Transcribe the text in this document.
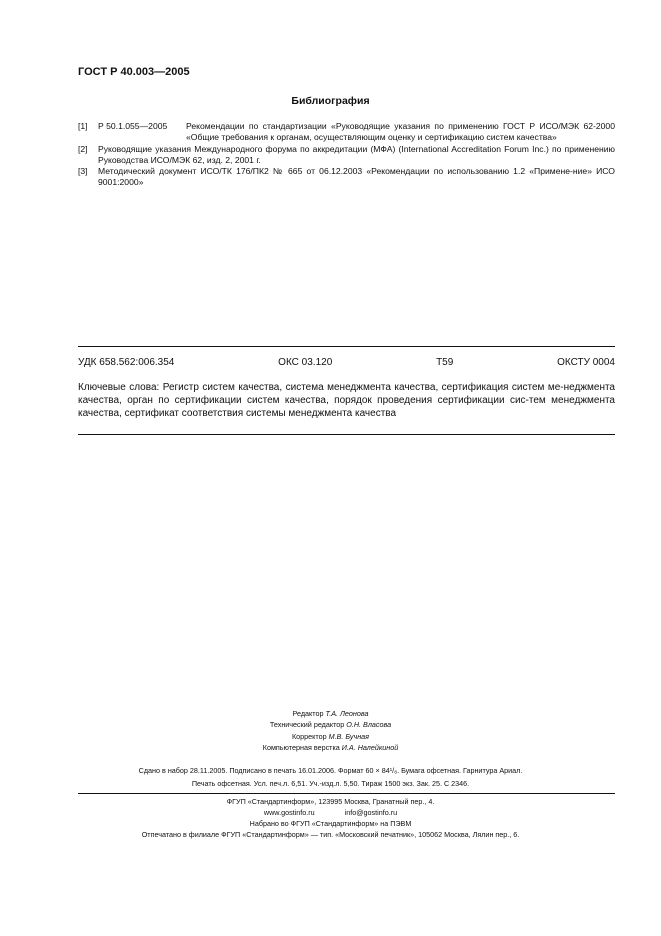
ГОСТ Р 40.003—2005
Библиография
[1] Р 50.1.055—2005	Рекомендации по стандартизации «Руководящие указания по применению ГОСТ Р ИСО/МЭК 62-2000 «Общие требования к органам, осуществляющим оценку и сертификацию систем качества»
[2] Руководящие указания Международного форума по аккредитации (МФА) (International Accreditation Forum Inc.) по применению Руководства ИСО/МЭК 62, изд. 2, 2001 г.
[3] Методический документ ИСО/ТК 176/ПК2 № 665 от 06.12.2003 «Рекомендации по использованию 1.2 «Примене-ние» ИСО 9001:2000»
УДК 658.562:006.354	ОКС 03.120	Т59	ОКСТУ 0004
Ключевые слова: Регистр систем качества, система менеджмента качества, сертификация систем ме-неджмента качества, орган по сертификации систем качества, порядок проведения сертификации сис-тем менеджмента качества, сертификат соответствия системы менеджмента качества
Редактор Т.А. Леонова
Технический редактор О.Н. Власова
Корректор М.В. Бучная
Компьютерная верстка И.А. Налейкиной
Сдано в набор 28.11.2005. Подписано в печать 16.01.2006. Формат 60 × 84¹/₈. Бумага офсетная. Гарнитура Ариал.
Печать офсетная. Усл. печ.л. 6,51. Уч.-изд.л. 5,50. Тираж 1500 экз. Зак. 25. С 2346.
ФГУП «Стандартинформ», 123995 Москва, Гранатный пер., 4.
www.gostinfo.ru	info@gostinfo.ru
Набрано во ФГУП «Стандартинформ» на ПЭВМ
Отпечатано в филиале ФГУП «Стандартинформ» — тип. «Московский печатник», 105062 Москва, Лялин пер., 6.
